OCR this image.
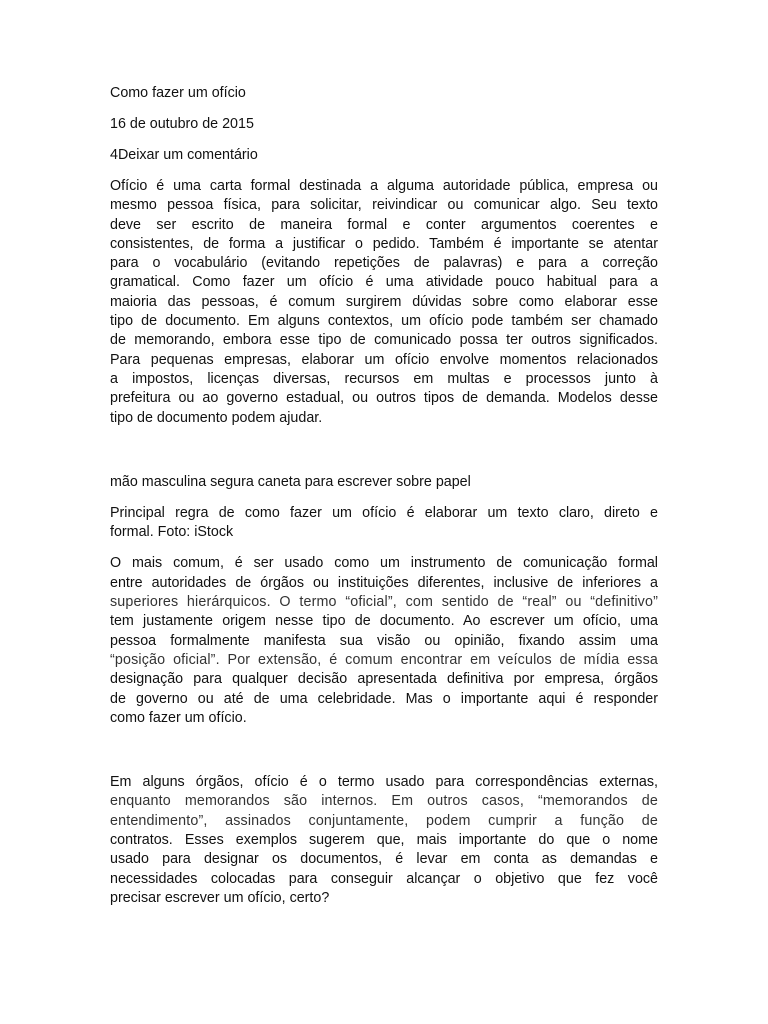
Como fazer um ofício

16 de outubro de 2015

4Deixar um comentário

Ofício é uma carta formal destinada a alguma autoridade pública, empresa ou
mesmo pessoa física, para solicitar, reivindicar ou comunicar algo. Seu texto
deve ser escrito de maneira formal e conter argumentos coerentes e
consistentes, de forma a justificar o pedido. Também é importante se atentar
para o vocabulário (evitando repetições de palavras) e para a correção
gramatical. Como fazer um ofício é uma atividade pouco habitual para a
maioria das pessoas, é comum surgirem dúvidas sobre como elaborar esse
tipo de documento. Em alguns contextos, um ofício pode também ser chamado
de memorando, embora esse tipo de comunicado possa ter outros significados.
Para pequenas empresas, elaborar um ofício envolve momentos relacionados
a impostos, licenças diversas, recursos em multas e processos junto à
prefeitura ou ao governo estadual, ou outros tipos de demanda. Modelos desse
tipo de documento podem ajudar.

mão masculina segura caneta para escrever sobre papel

Principal regra de como fazer um ofício é elaborar um texto claro, direto e
formal. Foto: iStock
O mais comum, é ser usado como um instrumento de comunicação formal
entre autoridades de órgãos ou instituições diferentes, inclusive de inferiores a
superiores hierárquicos. O termo “oficial”, com sentido de “real” ou “definitivo”
tem justamente origem nesse tipo de documento. Ao escrever um ofício, uma
pessoa formalmente manifesta sua visão ou opinião, fixando assim uma
“posição oficial”. Por extensão, é comum encontrar em veículos de mídia essa
designação para qualquer decisão apresentada definitiva por empresa, órgãos
de governo ou até de uma celebridade. Mas o importante aqui é responder
como fazer um ofício.
Em alguns órgãos, ofício é o termo usado para correspondências externas,
enquanto memorandos são internos. Em outros casos, “memorandos de
entendimento”, assinados conjuntamente, podem cumprir a função de
contratos. Esses exemplos sugerem que, mais importante do que o nome
usado para designar os documentos, é levar em conta as demandas e
necessidades colocadas para conseguir alcançar o objetivo que fez você
precisar escrever um ofício, certo?
